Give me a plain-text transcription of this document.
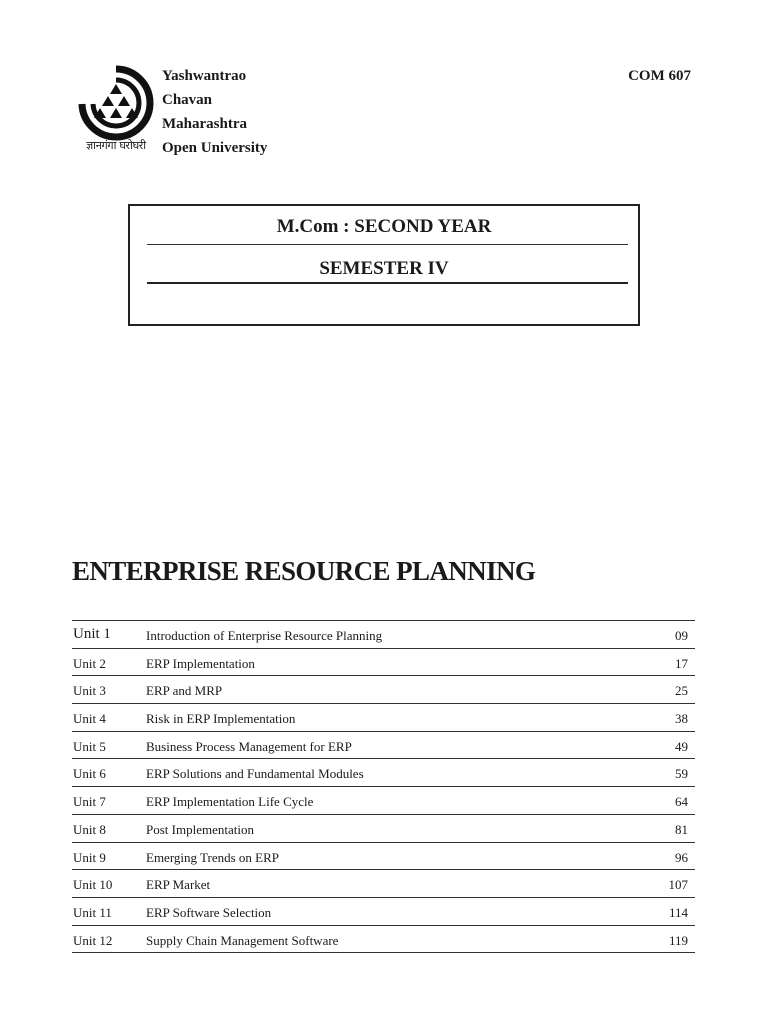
ज्ञानगंगा घरोघरी
Yashwantrao
Chavan
Maharashtra
Open University
COM 607
M.Com : SECOND YEAR
SEMESTER IV
ENTERPRISE RESOURCE PLANNING
Unit 1	Introduction of Enterprise Resource Planning	09
Unit 2	ERP Implementation	17
Unit 3	ERP and MRP	25
Unit 4	Risk in ERP Implementation	38
Unit 5	Business Process Management for ERP	49
Unit 6	ERP Solutions and Fundamental Modules	59
Unit 7	ERP Implementation Life Cycle	64
Unit 8	Post Implementation	81
Unit 9	Emerging Trends on ERP	96
Unit 10	ERP Market	107
Unit 11	ERP Software Selection	114
Unit 12	Supply Chain Management Software	119
